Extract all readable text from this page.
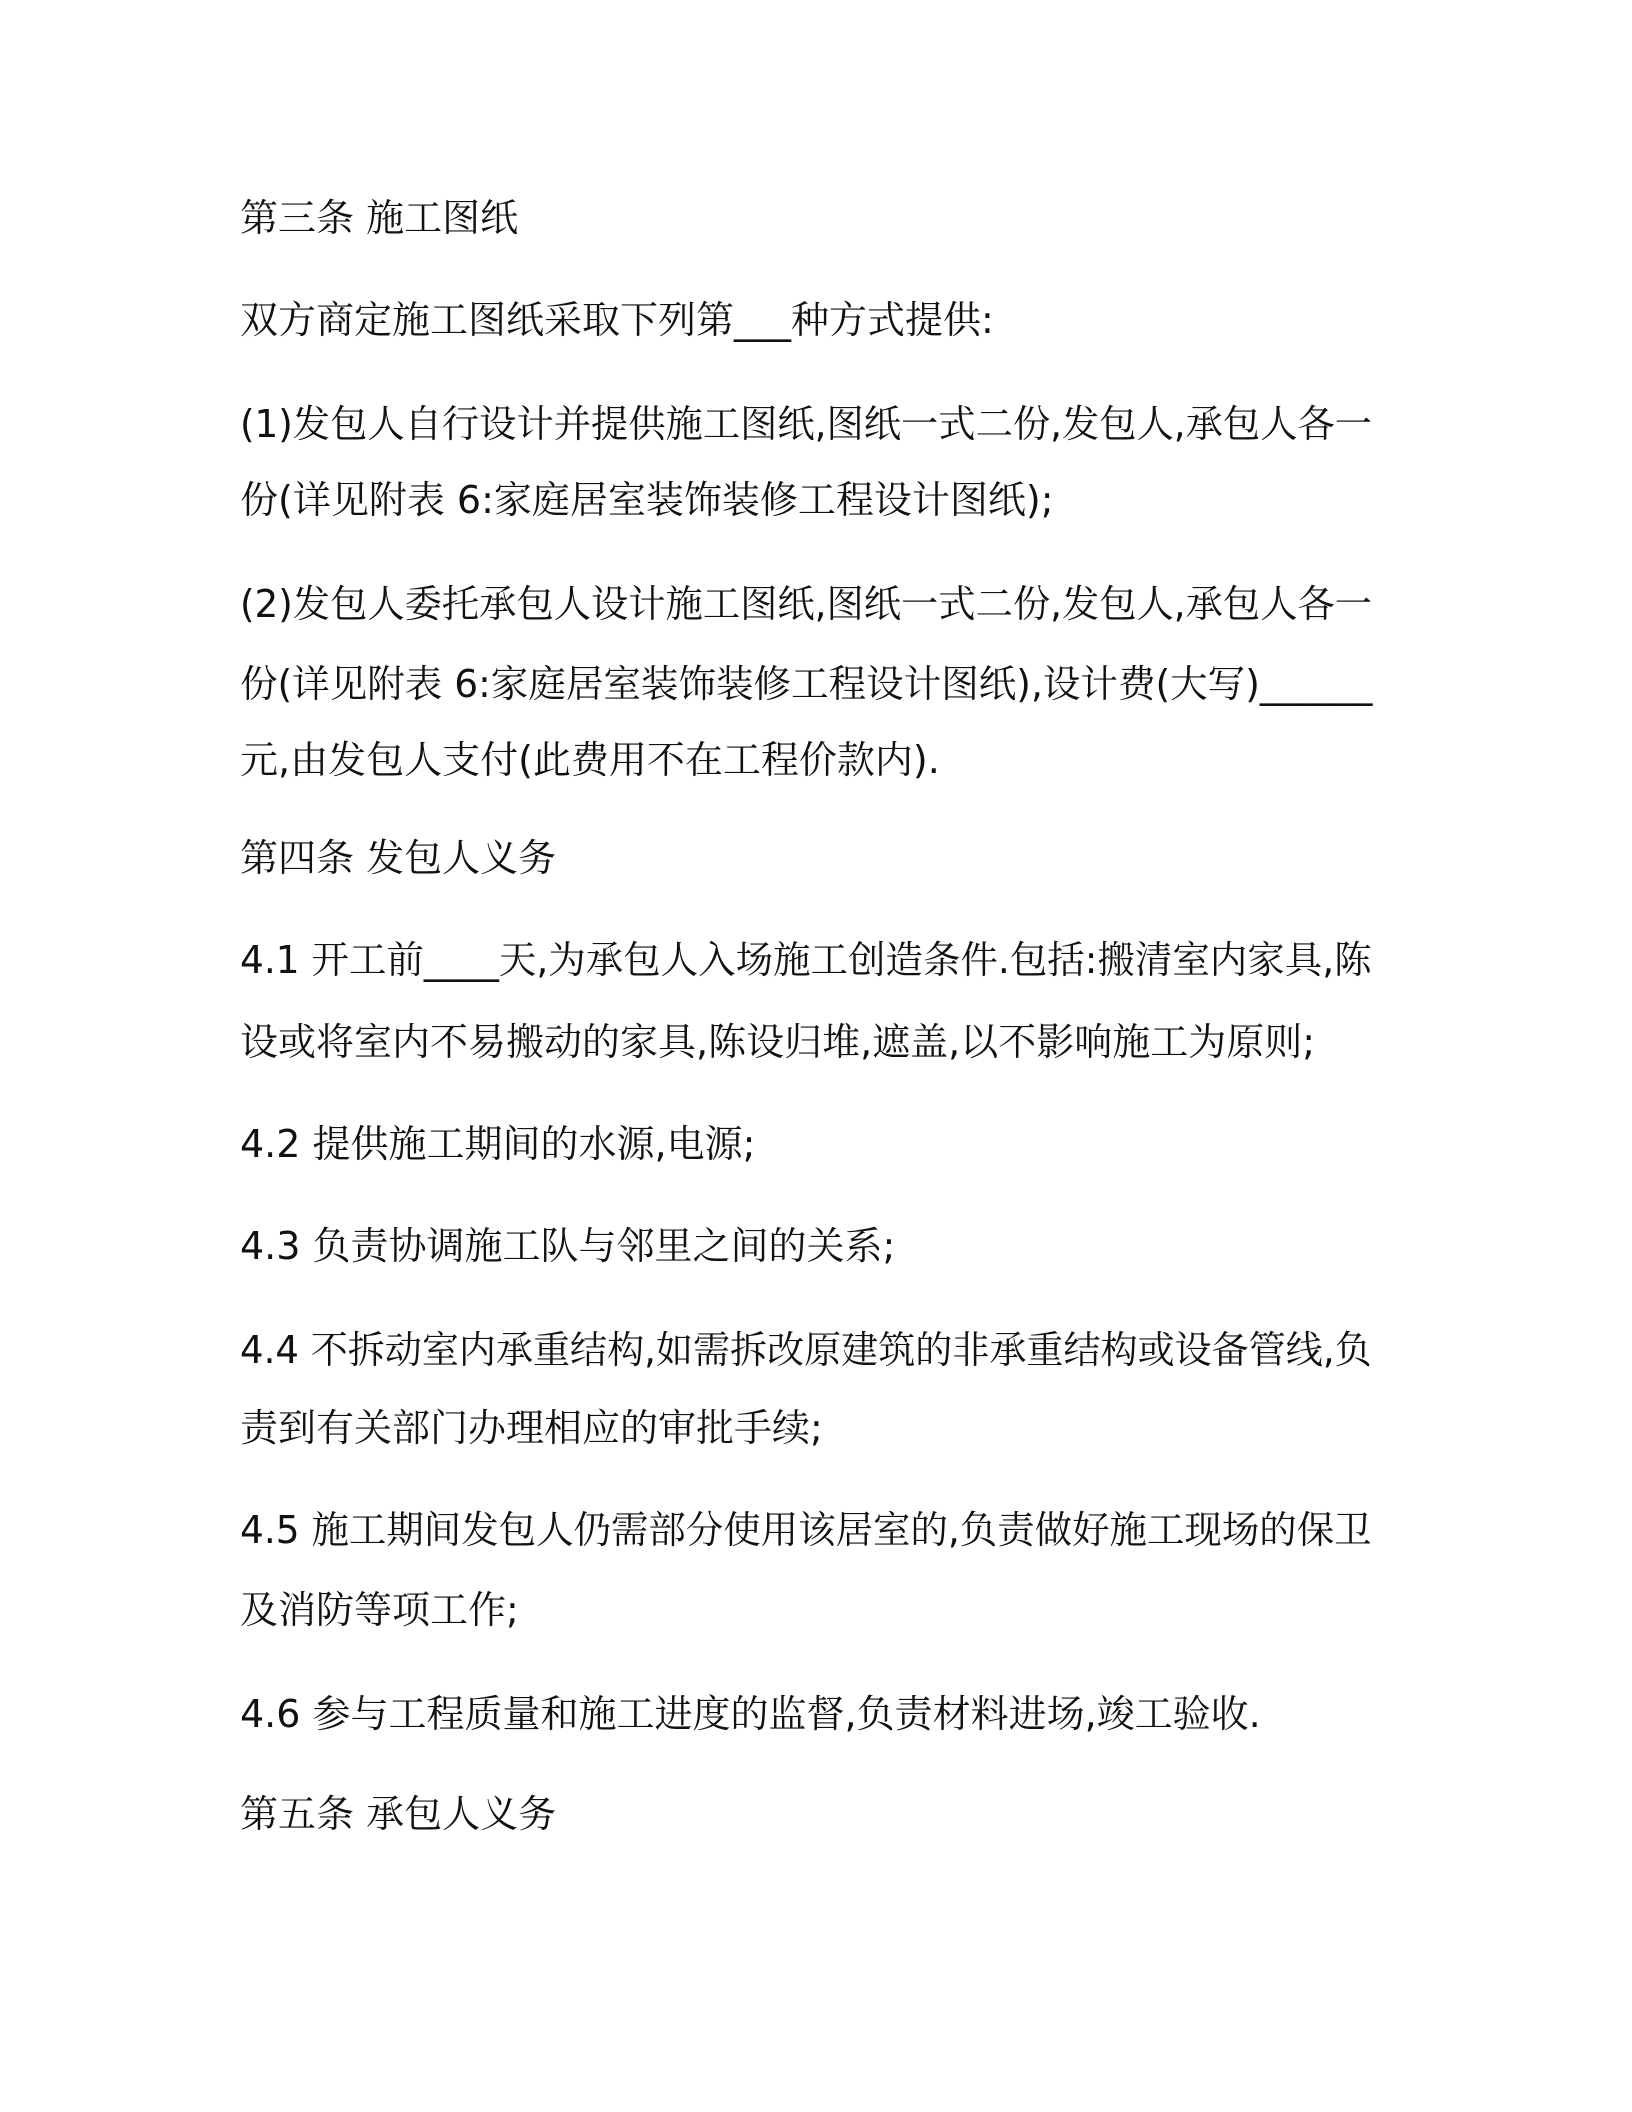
第三条 施工图纸
双方商定施工图纸采取下列第___种方式提供:
(1)发包人自行设计并提供施工图纸,图纸一式二份,发包人,承包人各一
份(详见附表 6:家庭居室装饰装修工程设计图纸);
(2)发包人委托承包人设计施工图纸,图纸一式二份,发包人,承包人各一
份(详见附表 6:家庭居室装饰装修工程设计图纸),设计费(大写)______
元,由发包人支付(此费用不在工程价款内).
第四条 发包人义务
4.1 开工前____天,为承包人入场施工创造条件.包括:搬清室内家具,陈
设或将室内不易搬动的家具,陈设归堆,遮盖,以不影响施工为原则;
4.2 提供施工期间的水源,电源;
4.3 负责协调施工队与邻里之间的关系;
4.4 不拆动室内承重结构,如需拆改原建筑的非承重结构或设备管线,负
责到有关部门办理相应的审批手续;
4.5 施工期间发包人仍需部分使用该居室的,负责做好施工现场的保卫
及消防等项工作;
4.6 参与工程质量和施工进度的监督,负责材料进场,竣工验收.
第五条 承包人义务
